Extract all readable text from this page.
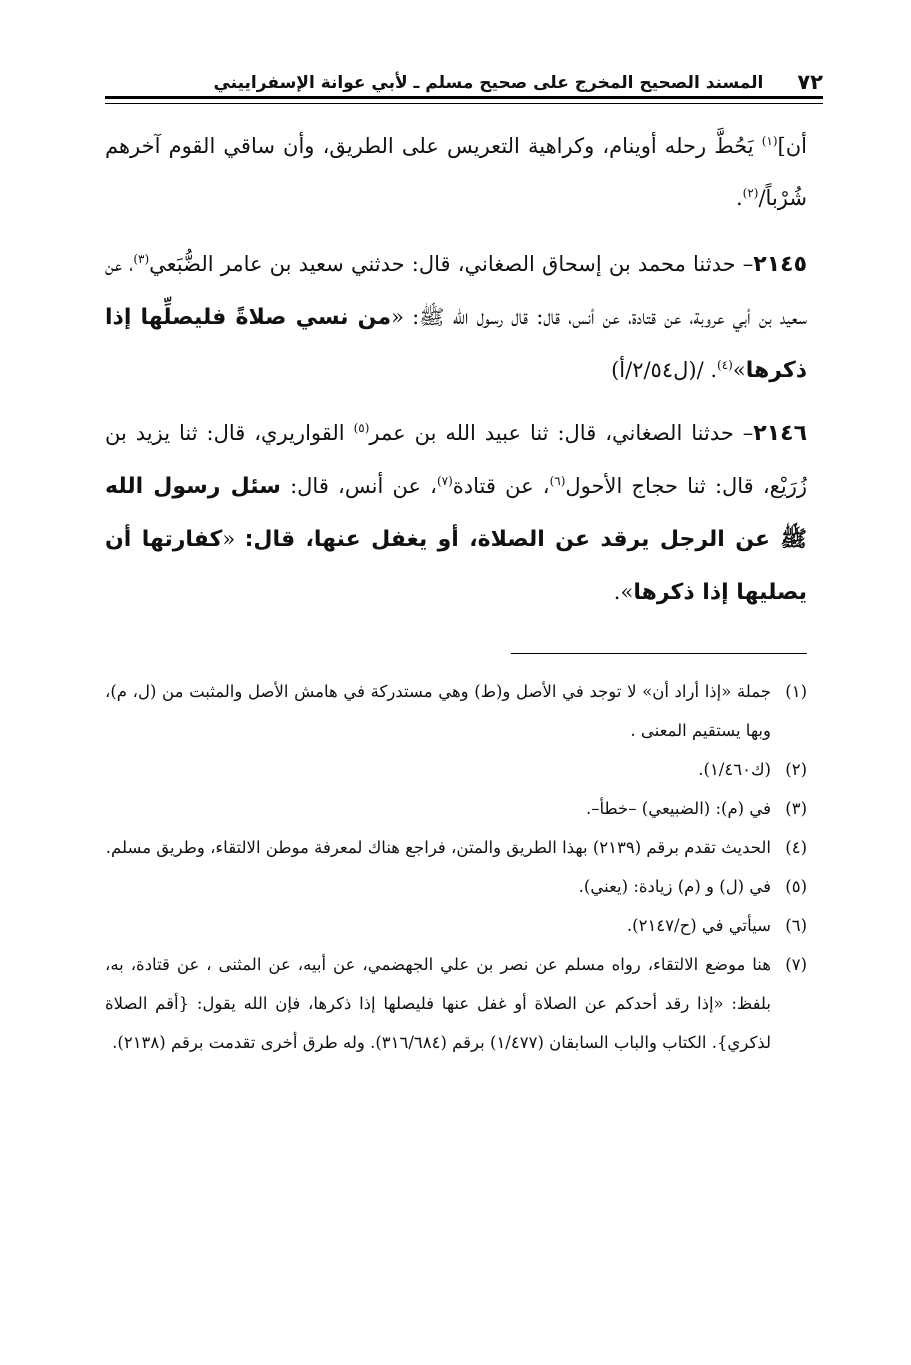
٧٢
المسند الصحيح المخرج على صحيح مسلم ـ لأبي عوانة الإسفراييني

أن]$^{(١)}$ يَحُطَّ رحله أوينام، وكراهية التعريس على الطريق، وأن ساقي القوم آخرهم شُرْباً/$^{(٢)}$.

٢١٤٥– حدثنا محمد بن إسحاق الصغاني، قال: حدثني سعيد بن عامر الضُّبَعي$^{(٣)}$، عن سعيد بن أبي عروبة، عن قتادة، عن أنس، قال: قال رسول الله ﷺ: «من نسي صلاةً فليصلِّها إذا ذكرها»$^{(٤)}$. /(ل٢/٥٤/أ)

٢١٤٦– حدثنا الصغاني، قال: ثنا عبيد الله بن عمر$^{(٥)}$ القواريري، قال: ثنا يزيد بن زُرَيْع، قال: ثنا حجاج الأحول$^{(٦)}$، عن قتادة$^{(٧)}$، عن أنس، قال: سئل رسول الله ﷺ عن الرجل يرقد عن الصلاة، أو يغفل عنها، قال: «كفارتها أن يصليها إذا ذكرها».

(١)جملة «إذا أراد أن» لا توجد في الأصل و(ط) وهي مستدركة في هامش الأصل والمثبت من (ل، م)، وبها يستقيم المعنى .

(٢)(ك١/٤٦٠).

(٣)في (م): (الضبيعي) –خطأ–.

(٤)الحديث تقدم برقم (٢١٣٩) بهذا الطريق والمتن، فراجع هناك لمعرفة موطن الالتقاء، وطريق مسلم.

(٥)في (ل) و (م) زيادة: (يعني).

(٦)سيأتي في (ح/٢١٤٧).

(٧)هنا موضع الالتقاء، رواه مسلم عن نصر بن علي الجهضمي، عن أبيه، عن المثنى ، عن قتادة، به، بلفظ: «إذا رقد أحدكم عن الصلاة أو غفل عنها فليصلها إذا ذكرها، فإن الله يقول: {أقم الصلاة لذكري}. الكتاب والباب السابقان (١/٤٧٧) برقم (٣١٦/٦٨٤). وله طرق أخرى تقدمت برقم (٢١٣٨).
